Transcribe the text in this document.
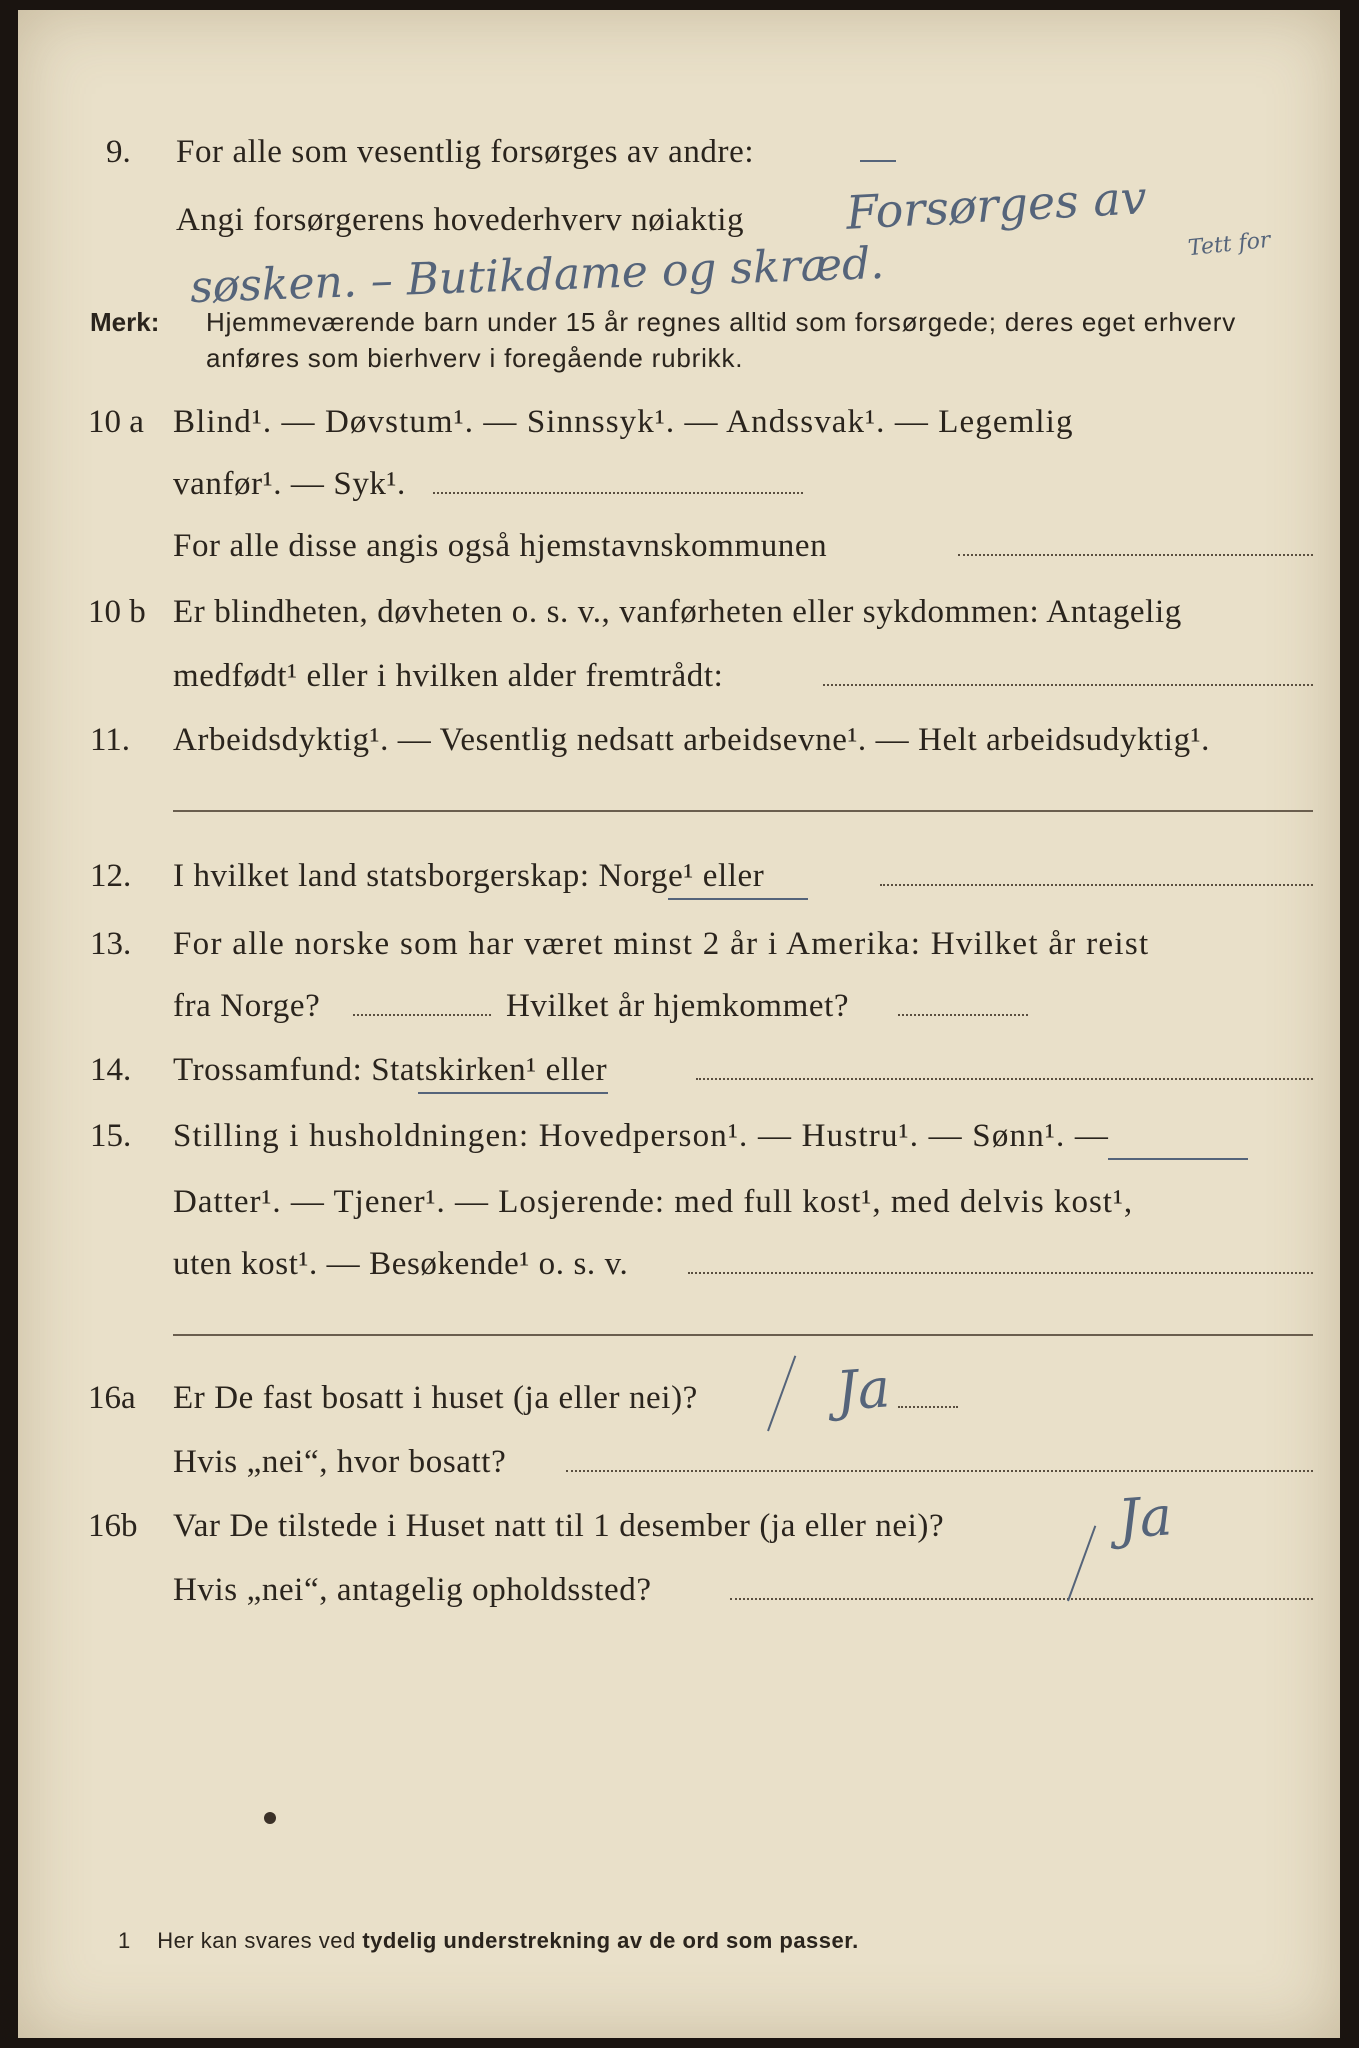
9. For alle som vesentlig forsørges av andre:
Angi forsørgerens hovederhverv nøiaktig Forsørges av
Tett for
søsken. – Butikdame og skræd.
Merk: Hjemmeværende barn under 15 år regnes alltid som forsørgede; deres eget erhverv
anføres som bierhverv i foregående rubrikk.
10 a Blind¹. — Døvstum¹. — Sinnssyk¹. — Andssvak¹. — Legemlig
vanfør¹. — Syk¹.
For alle disse angis også hjemstavnskommunen
10 b Er blindheten, døvheten o. s. v., vanførheten eller sykdommen: Antagelig
medfødt¹ eller i hvilken alder fremtrådt:
11. Arbeidsdyktig¹. — Vesentlig nedsatt arbeidsevne¹. — Helt arbeidsudyktig¹.
12. I hvilket land statsborgerskap: Norge¹ eller
13. For alle norske som har været minst 2 år i Amerika: Hvilket år reist
fra Norge?	Hvilket år hjemkommet?
14. Trossamfund: Statskirken¹ eller
15. Stilling i husholdningen: Hovedperson¹. — Hustru¹. — Sønn¹. —
Datter¹. — Tjener¹. — Losjerende: med full kost¹, med delvis kost¹,
uten kost¹. — Besøkende¹ o. s. v.
16a Er De fast bosatt i huset (ja eller nei)?	Ja
Hvis „nei“, hvor bosatt?
16b Var De tilstede i Huset natt til 1 desember (ja eller nei)?	Ja
Hvis „nei“, antagelig opholdssted?
1 Her kan svares ved tydelig understrekning av de ord som passer.
